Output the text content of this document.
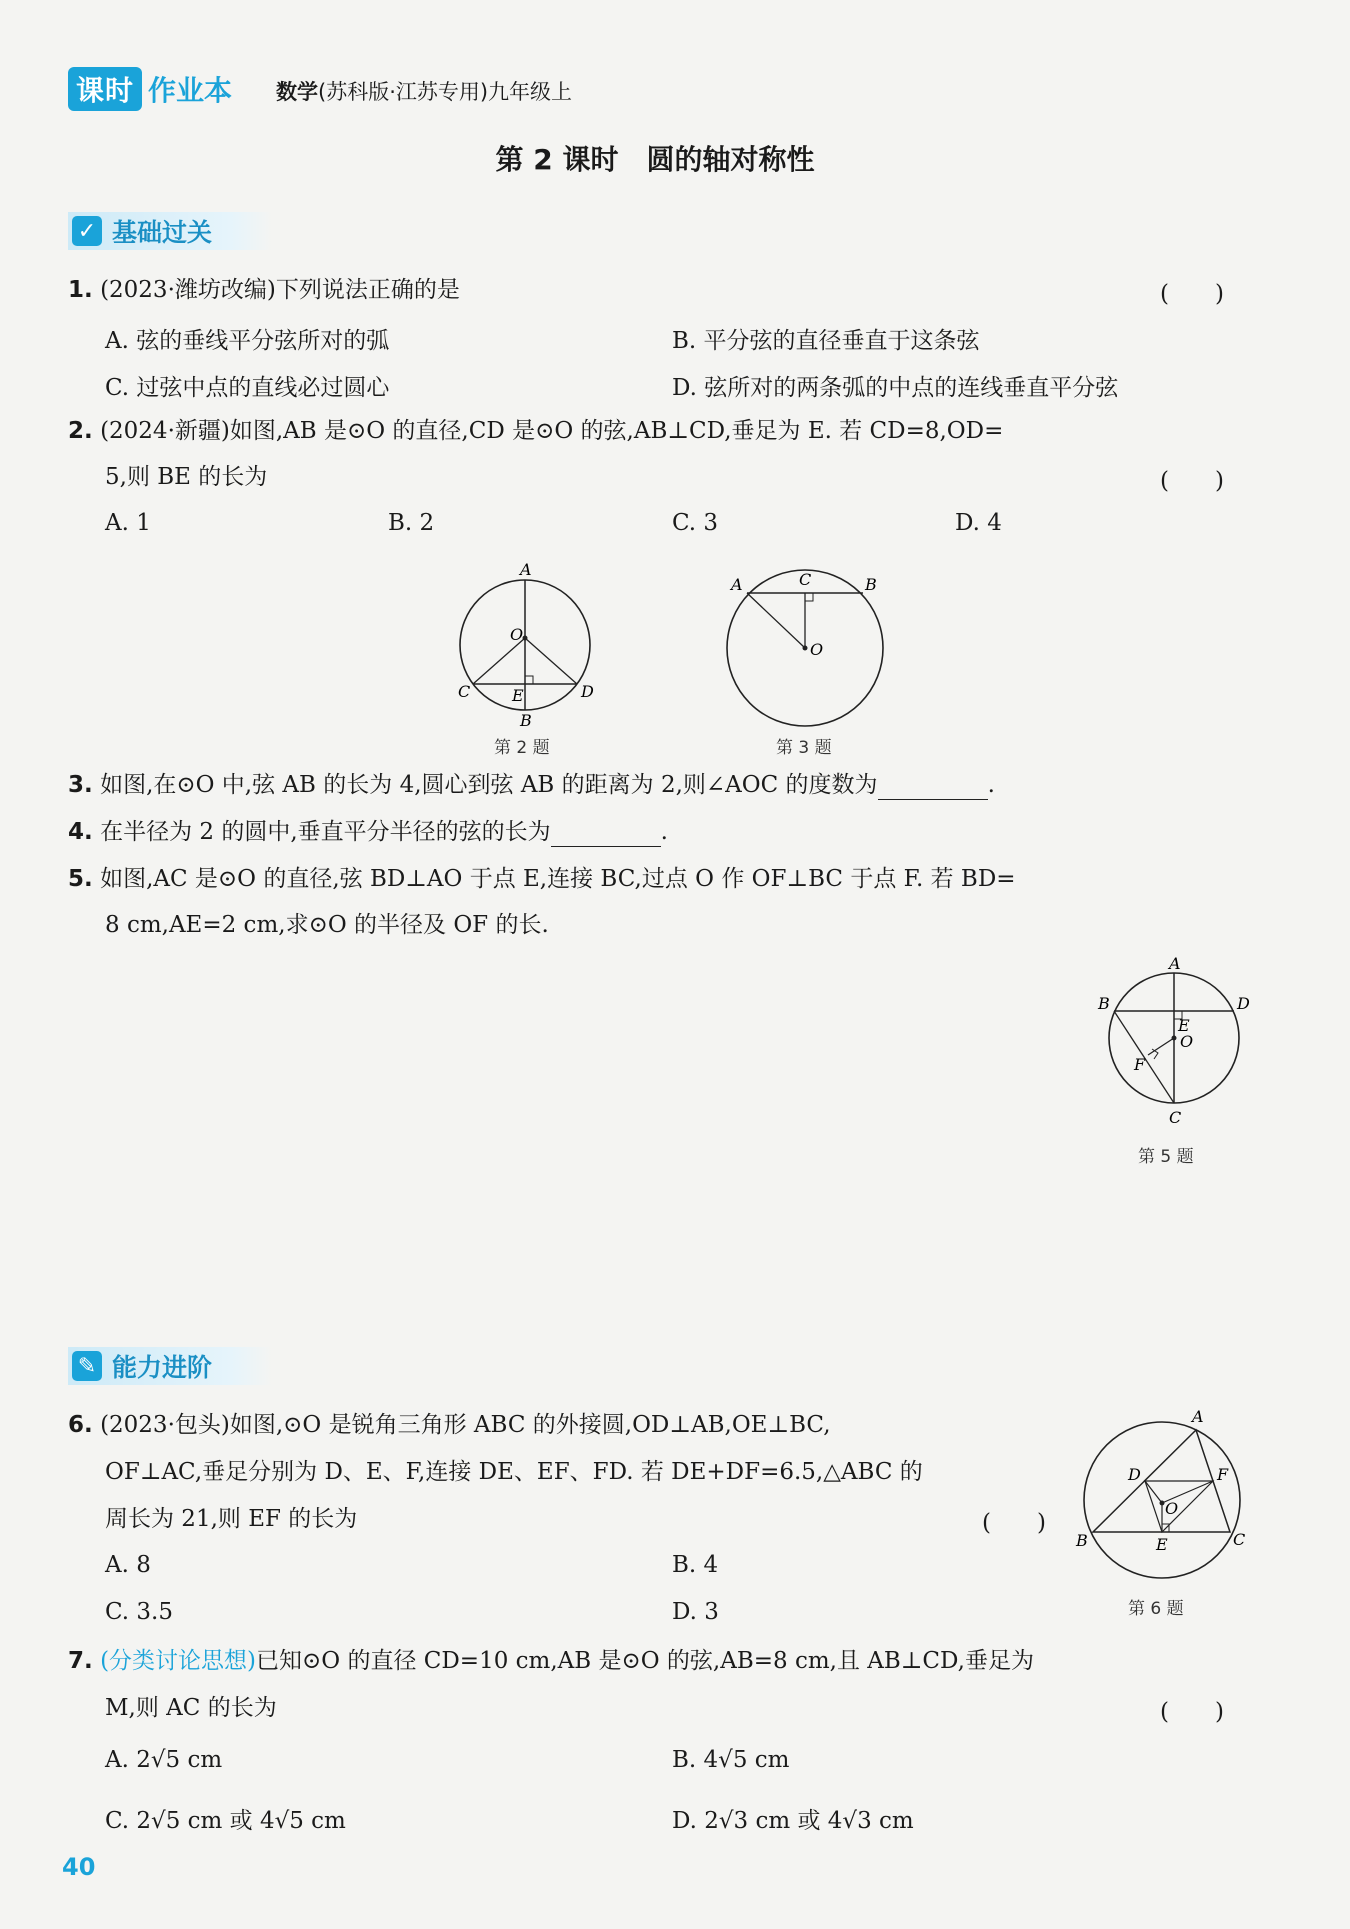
课时 作业本 数学(苏科版·江苏专用)九年级上
第 2 课时　圆的轴对称性
✓ 基础过关
1. (2023·潍坊改编)下列说法正确的是	(　　)
A. 弦的垂线平分弦所对的弧	B. 平分弦的直径垂直于这条弦
C. 过弦中点的直线必过圆心	D. 弦所对的两条弧的中点的连线垂直平分弦
2. (2024·新疆)如图,AB 是⊙O 的直径,CD 是⊙O 的弦,AB⊥CD,垂足为 E. 若 CD=8,OD=
5,则 BE 的长为	(　　)
A. 1	B. 2	C. 3	D. 4
A
O
C	E	D
B
第 2 题
A	C	B
O
第 3 题
3. 如图,在⊙O 中,弦 AB 的长为 4,圆心到弦 AB 的距离为 2,则∠AOC 的度数为	.
4. 在半径为 2 的圆中,垂直平分半径的弦的长为	.
5. 如图,AC 是⊙O 的直径,弦 BD⊥AO 于点 E,连接 BC,过点 O 作 OF⊥BC 于点 F. 若 BD=
8 cm,AE=2 cm,求⊙O 的半径及 OF 的长.
A
B	D
E
O
F
C
第 5 题
✎ 能力进阶
6. (2023·包头)如图,⊙O 是锐角三角形 ABC 的外接圆,OD⊥AB,OE⊥BC,
OF⊥AC,垂足分别为 D、E、F,连接 DE、EF、FD. 若 DE+DF=6.5,△ABC 的
周长为 21,则 EF 的长为	(　　)
A. 8	B. 4
C. 3.5	D. 3
A
D	F
O
B	E	C
第 6 题
7. (分类讨论思想)已知⊙O 的直径 CD=10 cm,AB 是⊙O 的弦,AB=8 cm,且 AB⊥CD,垂足为
M,则 AC 的长为	(　　)
A. 2√5 cm	B. 4√5 cm
C. 2√5 cm 或 4√5 cm	D. 2√3 cm 或 4√3 cm
40
